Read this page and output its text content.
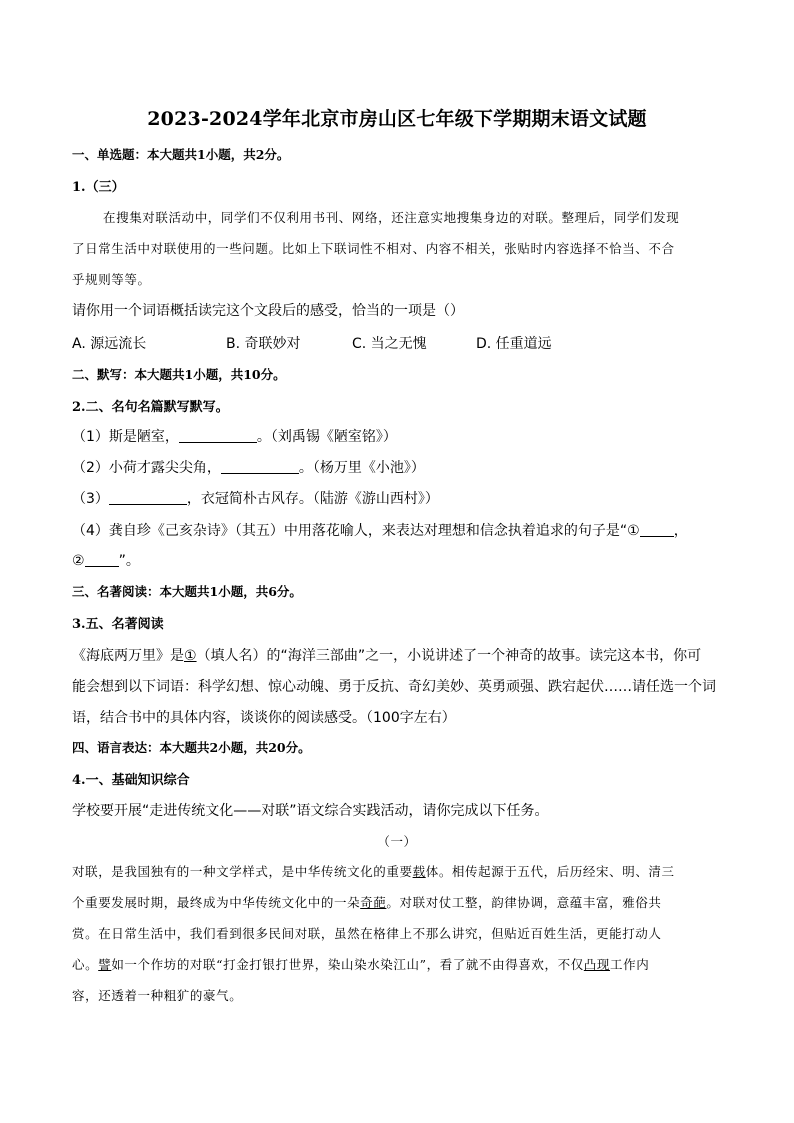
2023-2024学年北京市房山区七年级下学期期末语文试题
一、单选题：本大题共1小题，共2分。
1.（三）
在搜集对联活动中，同学们不仅利用书刊、网络，还注意实地搜集身边的对联。整理后，同学们发现
了日常生活中对联使用的一些问题。比如上下联词性不相对、内容不相关，张贴时内容选择不恰当、不合
乎规则等等。
请你用一个词语概括读完这个文段后的感受，恰当的一项是（）
A. 源远流长	B. 奇联妙对	C. 当之无愧	D. 任重道远
二、默写：本大题共1小题，共10分。
2.二、名句名篇默写默写。
（1）斯是陋室，	。（刘禹锡《陋室铭》）
（2）小荷才露尖尖角，	。（杨万里《小池》）
（3）	，衣冠简朴古风存。（陆游《游山西村》）
（4）龚自珍《己亥杂诗》（其五）中用落花喻人，来表达对理想和信念执着追求的句子是“① ，
② ”。
三、名著阅读：本大题共1小题，共6分。
3.五、名著阅读
《海底两万里》是①（填人名）的“海洋三部曲”之一，小说讲述了一个神奇的故事。读完这本书，你可
能会想到以下词语：科学幻想、惊心动魄、勇于反抗、奇幻美妙、英勇顽强、跌宕起伏……请任选一个词
语，结合书中的具体内容，谈谈你的阅读感受。（100字左右）
四、语言表达：本大题共2小题，共20分。
4.一、基础知识综合
学校要开展“走进传统文化——对联”语文综合实践活动，请你完成以下任务。
（一）
对联，是我国独有的一种文学样式，是中华传统文化的重要载体。相传起源于五代，后历经宋、明、清三
个重要发展时期，最终成为中华传统文化中的一朵奇葩。对联对仗工整，韵律协调，意蕴丰富，雅俗共
赏。在日常生活中，我们看到很多民间对联，虽然在格律上不那么讲究，但贴近百姓生活，更能打动人
心。譬如一个作坊的对联“打金打银打世界，染山染水染江山”，看了就不由得喜欢，不仅凸现工作内
容，还透着一种粗犷的豪气。
